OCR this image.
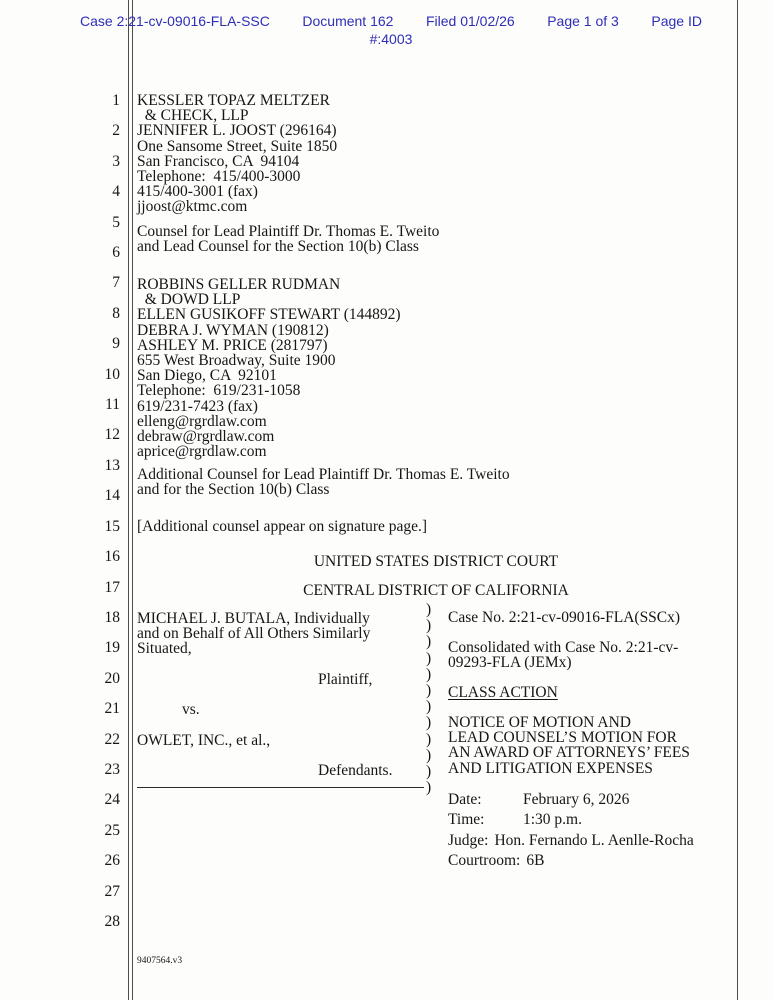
Case 2:21-cv-09016-FLA-SSC Document 162 Filed 01/02/26 Page 1 of 3 Page ID
#:4003
1
2
3
4
5
6
7
8
9
10
11
12
13
14
15
16
17
18
19
20
21
22
23
24
25
26
27
28
KESSLER TOPAZ MELTZER
& CHECK, LLP
JENNIFER L. JOOST (296164)
One Sansome Street, Suite 1850
San Francisco, CA  94104
Telephone:  415/400-3000
415/400-3001 (fax)
jjoost@ktmc.com
Counsel for Lead Plaintiff Dr. Thomas E. Tweito
and Lead Counsel for the Section 10(b) Class
ROBBINS GELLER RUDMAN
& DOWD LLP
ELLEN GUSIKOFF STEWART (144892)
DEBRA J. WYMAN (190812)
ASHLEY M. PRICE (281797)
655 West Broadway, Suite 1900
San Diego, CA  92101
Telephone:  619/231-1058
619/231-7423 (fax)
elleng@rgrdlaw.com
debraw@rgrdlaw.com
aprice@rgrdlaw.com
Additional Counsel for Lead Plaintiff Dr. Thomas E. Tweito
and for the Section 10(b) Class
[Additional counsel appear on signature page.]
UNITED STATES DISTRICT COURT
CENTRAL DISTRICT OF CALIFORNIA
MICHAEL J. BUTALA, Individually
and on Behalf of All Others Similarly
Situated,
Plaintiff,
vs.
OWLET, INC., et al.,
Defendants.
)
)
)
)
)
)
)
)
)
)
)
)
Case No. 2:21-cv-09016-FLA(SSCx)
Consolidated with Case No. 2:21-cv-
09293-FLA (JEMx)
CLASS ACTION
NOTICE OF MOTION AND
LEAD COUNSEL’S MOTION FOR
AN AWARD OF ATTORNEYS’ FEES
AND LITIGATION EXPENSES
Date:	February 6, 2026
Time:	1:30 p.m.
Judge: Hon. Fernando L. Aenlle-Rocha
Courtroom: 6B
9407564.v3
